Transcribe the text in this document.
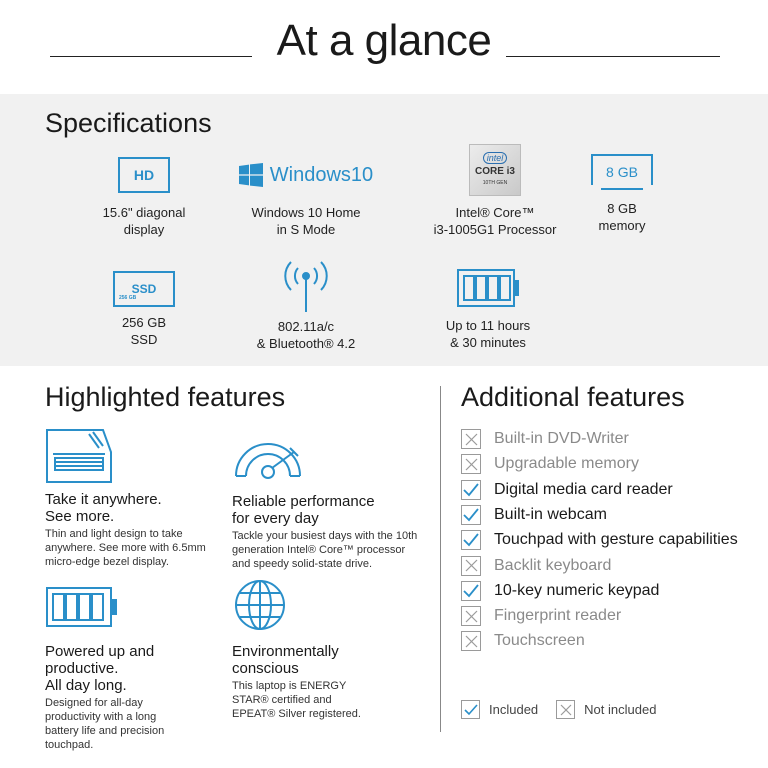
At a glance
Specifications
HD
15.6" diagonal
display
Windows10
Windows 10 Home
in S Mode
intel
CORE i3
10TH GEN
Intel® Core™
i3-1005G1 Processor
8 GB
8 GB
memory
SSD
256 GB
256 GB
SSD
802.11a/c
& Bluetooth® 4.2
Up to 11 hours
& 30 minutes
Highlighted features
Take it anywhere.
See more.
Thin and light design to take anywhere. See more with 6.5mm micro-edge bezel display.
Reliable performance
for every day
Tackle your busiest days with the 10th generation Intel® Core™ processor and speedy solid-state drive.
Powered up and
productive.
All day long.
Designed for all-day productivity with a long battery life and precision touchpad.
Environmentally
conscious
This laptop is ENERGY STAR® certified and EPEAT® Silver registered.
Additional features
Built-in DVD-Writer
Upgradable memory
Digital media card reader
Built-in webcam
Touchpad with gesture capabilities
Backlit keyboard
10-key numeric keypad
Fingerprint reader
Touchscreen
Included	Not included
